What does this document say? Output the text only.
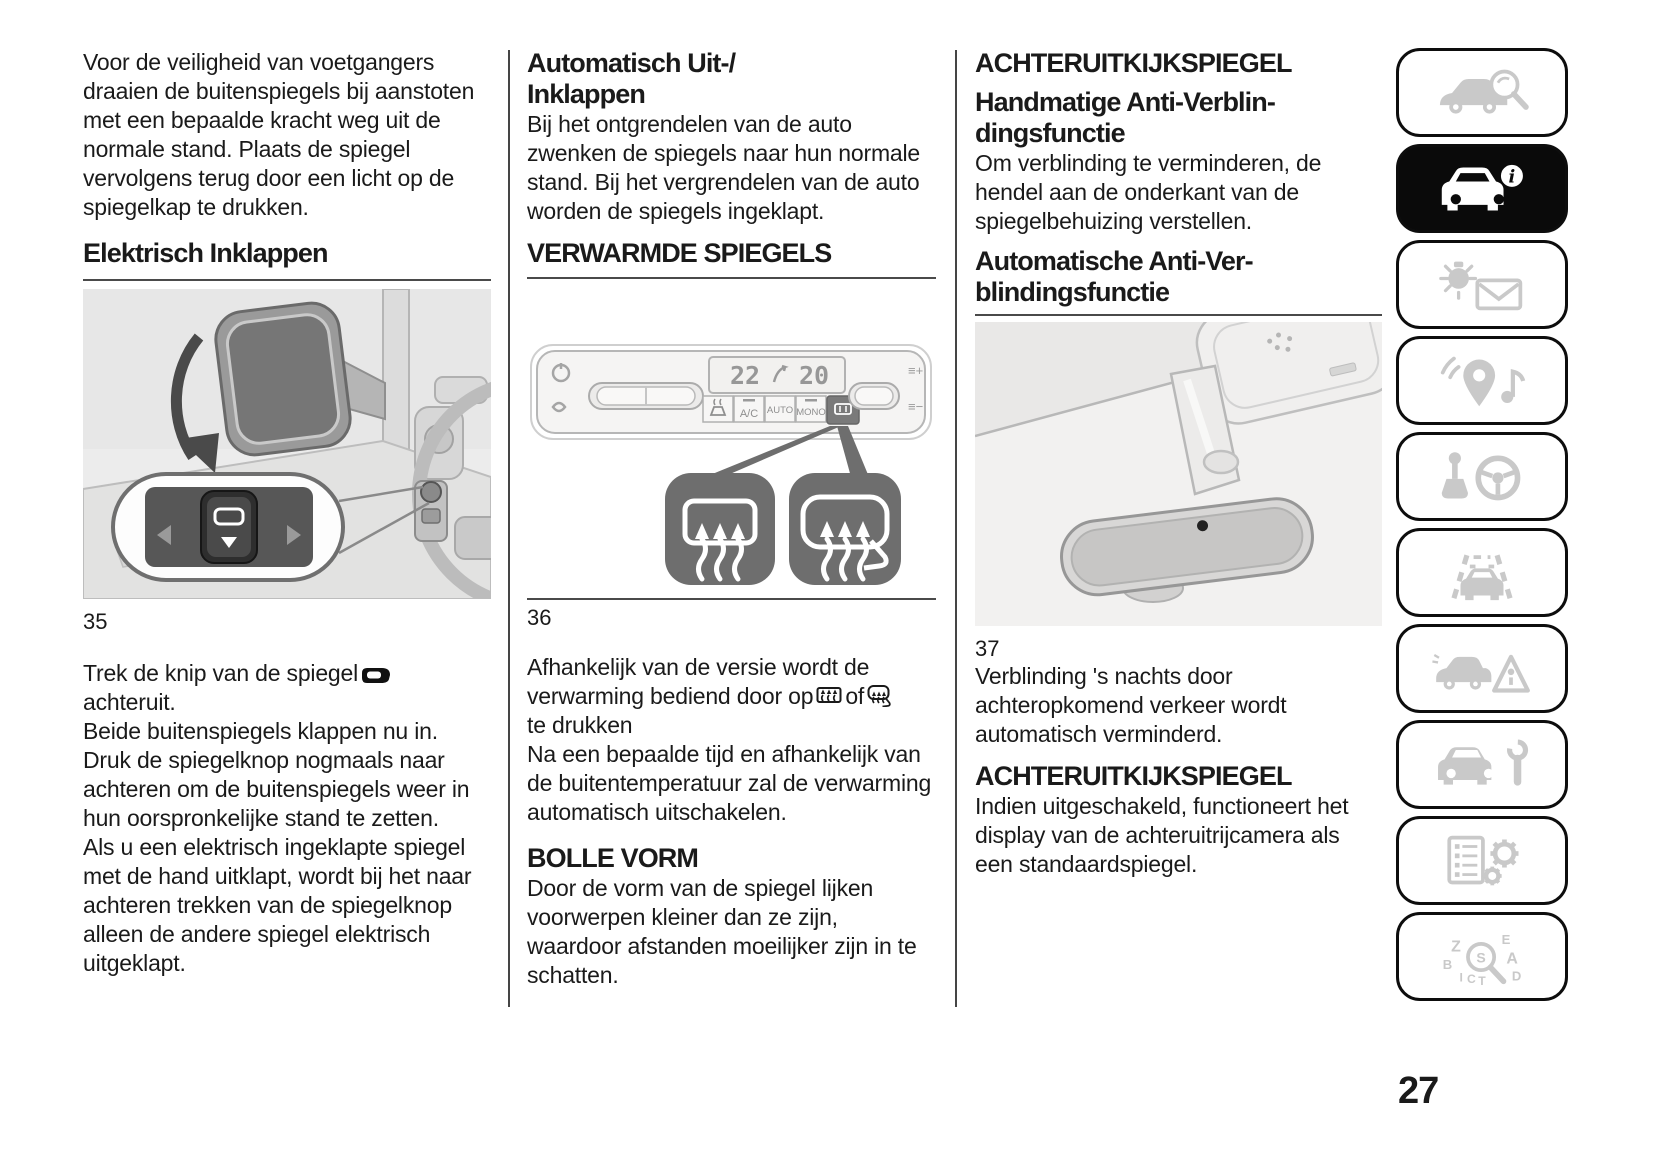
Voor de veiligheid van voetgangers draaien de buitenspiegels bij aanstoten met een bepaalde kracht weg uit de normale stand. Plaats de spiegel vervolgens terug door een licht op de spiegelkap te drukken.

Elektrisch Inklappen
35

Trek de knip van de spiegel
achteruit.

Beide buitenspiegels klappen nu in.

Druk de spiegelknop nogmaals naar achteren om de buitenspiegels weer in hun oorspronkelijke stand te zetten.

Als u een elektrisch ingeklapte spiegel met de hand uitklapt, wordt bij het naar achteren trekken van de spiegelknop alleen de andere spiegel elektrisch uitgeklapt.

Automatisch Uit-/
Inklappen

Bij het ontgrendelen van de auto zwenken de spiegels naar hun normale stand. Bij het vergrendelen van de auto worden de spiegels ingeklapt.

VERWARMDE SPIEGELS
22 20
A/C AUTO MONO
≡+
≡−
36

Afhankelijk van de versie wordt de verwarming bediend door op of
te drukken

Na een bepaalde tijd en afhankelijk van de buitentemperatuur zal de verwarming automatisch uitschakelen.

BOLLE VORM

Door de vorm van de spiegel lijken voorwerpen kleiner dan ze zijn, waardoor afstanden moeilijker zijn in te schatten.

ACHTERUITKIJKSPIEGEL
Handmatige Anti-Verblin-
dingsfunctie

Om verblinding te verminderen, de hendel aan de onderkant van de spiegelbehuizing verstellen.

Automatische Anti-Ver-
blindingsfunctie
37

Verblinding 's nachts door achteropkomend verkeer wordt automatisch verminderd.

ACHTERUITKIJKSPIEGEL

Indien uitgeschakeld, functioneert het display van de achteruitrijcamera als een standaardspiegel.

i
Z	E
B	A
I C T D
S
27
